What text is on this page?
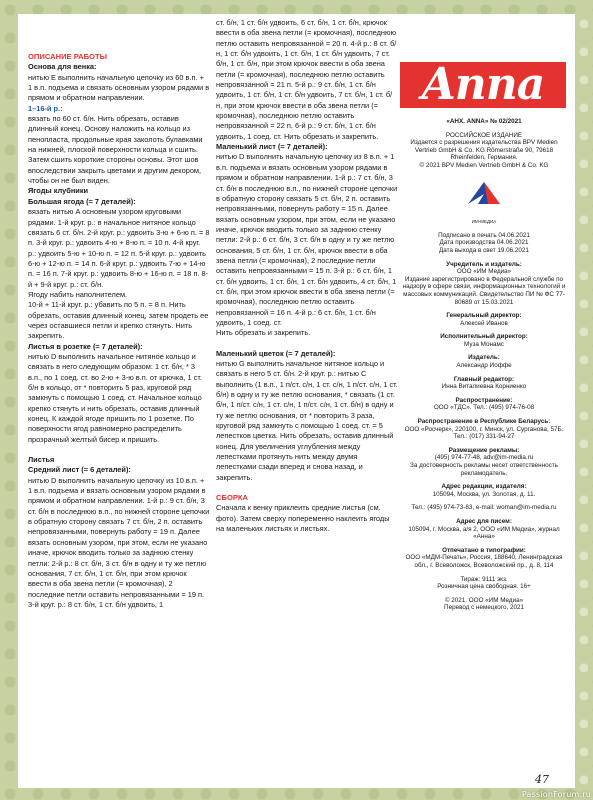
ОПИСАНИЕ РАБОТЫ

Основа для венка:

нитью E выполнить начальную цепочку из 60 в.п. + 1 в.п. подъема и связать основным узором рядами в прямом и обратном направлении.

1–16-й р.:

вязать по 60 ст. б/н. Нить обрезать, оставив длинный конец. Основу наложить на кольцо из пенопласта, продольные края заколоть булавками на нижней, плоской поверхности кольца и сшить. Затем сшить короткие стороны основы. Этот шов впоследствии закрыть цветами и другим декором, чтобы он не был виден.

Ягоды клубники

Большая ягода (= 7 деталей):

вязать нитью A основным узором круговыми рядами. 1-й круг. р.: в начальное нитяное кольцо связать 6 ст. б/н. 2-й круг. р.: удвоить 3-ю + 6-ю п. = 8 п. 3-й круг. р.: удвоить 4-ю + 8-ю п. = 10 п. 4-й круг. р.: удвоить 5-ю + 10-ю п. = 12 п. 5-й круг. р.: удвоить 6-ю + 12-ю п. = 14 п. 6-й круг. р.: удвоить 7-ю + 14-ю п. = 16 п. 7-й круг. р.: удвоить 8-ю + 16-ю п. = 18 п. 8-й + 9-й круг. р.: ст. б/н.

Ягоду набить наполнителем.

10-й + 11-й круг. р.: убавить по 5 п. = 8 п. Нить обрезать, оставив длинный конец, затем продеть ее через оставшиеся петли и крепко стянуть. Нить закрепить.

Листья в розетке (= 7 деталей):

нитью D выполнить начальное нитяное кольцо и связать в него следующим образом: 1 ст. б/н, * 3 в.п., по 1 соед. ст. во 2-ю + 3-ю в.п. от крючка, 1 ст. б/н в кольцо, от * повторить 5 раз, круговой ряд замкнуть с помощью 1 соед. ст. Начальное кольцо крепко стянуть и нить обрезать, оставив длинный конец. К каждой ягоде пришить по 1 розетке. По поверхности ягод равномерно распределить прозрачный желтый бисер и пришить.

Листья

Средний лист (= 6 деталей):

нитью D выполнить начальную цепочку из 10 в.п. + 1 в.п. подъема и вязать основным узором рядами в прямом и обратном направлении. 1-й р.: 9 ст. б/н, 3 ст. б/н в последнюю в.п., по нижней стороне цепочки в обратную сторону связать 7 ст. б/н, 2 п. оставить непровязанными, повернуть работу = 19 п. Далее вязать основным узором, при этом, если не указано иначе, крючок вводить только за заднюю стенку петли: 2-й р.: 8 ст. б/н, 3 ст. б/н в одну и ту же петлю основания, 7 ст. б/н, 1 ст. б/н, при этом крючок ввести в оба звена петли (= кромочная), 2 последние петли оставить непровязанными = 19 п. 3-й круг. р.: 8 ст. б/н, 1 ст. б/н удвоить, 1

ст. б/н, 1 ст. б/н удвоить, 6 ст. б/н, 1 ст. б/н, крючок ввести в оба звена петли (= кромочная), последнюю петлю оставить непровязанной = 20 п. 4-й р.: 8 ст. б/н, 1 ст. б/н удвоить, 1 ст. б/н, 1 ст. б/н удвоить, 7 ст. б/н, 1 ст. б/н, при этом крючок ввести в оба звена петли (= кромочная), последнюю петлю оставить непровязанной = 21 п. 5-й р.: 9 ст. б/н, 1 ст. б/н удвоить, 1 ст. б/н, 1 ст. б/н удвоить, 7 ст. б/н, 1 ст. б/н, при этом крючок ввести в оба звена петли (= кромочная), последнюю петлю оставить непровязанной = 22 п. 6-й р.: 9 ст. б/н, 1 ст. б/н удвоить, 1 соед. ст. Нить обрезать и закрепить.

Маленький лист (= 7 деталей):

нитью D выполнить начальную цепочку из 8 в.п. + 1 в.п. подъема и вязать основным узором рядами в прямом и обратном направлении. 1-й р.: 7 ст. б/н, 3 ст. б/н в последнюю в.п., по нижней стороне цепочки в обратную сторону связать 5 ст. б/н, 2 п. оставить непровязанными, повернуть работу = 15 п. Далее вязать основным узором, при этом, если не указано иначе, крючок вводить только за заднюю стенку петли: 2-й р.: 6 ст. б/н, 3 ст. б/н в одну и ту же петлю основания, 5 ст. б/н, 1 ст. б/н, крючок ввести в оба звена петли (= кромочная), 2 последние петли оставить непровязанными = 15 п. 3-й р.: 6 ст. б/н, 1 ст. б/н удвоить, 1 ст. б/н, 1 ст. б/н удвоить, 4 ст. б/н, 1 ст. б/н, при этом крючок ввести в оба звена петли (= кромочная), последнюю петлю оставить непровязанной = 16 п. 4-й р.: 6 ст. б/н, 1 ст. б/н удвоить, 1 соед. ст.

Нить обрезать и закрепить.

Маленький цветок (= 7 деталей):

нитью G выполнить начальное нитяное кольцо и связать в него 5 ст. б/н. 2-й круг. р.: нитью C выполнить (1 в.п., 1 п/ст. с/н, 1 ст. с/н, 1 п/ст. с/н, 1 ст. б/н) в одну и ту же петлю основания, * связать (1 ст. б/н, 1 п/ст. с/н, 1 ст. с/н, 1 п/ст. с/н, 1 ст. б/н) в одну и ту же петлю основания, от * повторить 3 раза, круговой ряд замкнуть с помощью 1 соед. ст. = 5 лепестков цветка. Нить обрезать, оставив длинный конец. Для увеличения углубления между лепестками протянуть нить между двумя лепестками сзади вперед и снова назад, и закрепить.

СБОРКА

Сначала к венку приклеить средние листья (см. фото). Затем сверху попеременно наклеить ягоды на маленьких листьях и листьях.

Anna

«АНХ. ANNA» № 02/2021

РОССИЙСКОЕ ИЗДАНИЕ

Издается с разрешения издательства BPV Medien Vertrieb GmbH & Co. KG Römerstraße 90, 79618 Rheinfelden, Германия.

© 2021 BPV Medien Vertrieb GmbH & Co. KG

ИМ-МЕДИА

Подписано в печать 04.06.2021

Дата производства 04.06.2021

Дата выхода в свет 19.06.2021

Учредитель и издатель:

ООО «ИМ Медиа»

Издание зарегистрировано в Федеральной службе по надзору в сфере связи, информационных технологий и массовых коммуникаций. Свидетельство ПИ № ФС 77-80689 от 15.03.2021

Генеральный директор:

Алексей Иванов

Исполнительный директор:

Муза Монамс

Издатель:

Александр Иоффе

Главный редактор:

Инна Виталиевна Корниенко

Распространение:

ООО «ТДС». Тел.: (495) 974-76-08

Распространение в Республике Беларусь:

ООО «Росчерк», 220100, г. Минск, ул. Сурганова, 57Б. Тел.: (017) 331-94-27

Размещение рекламы:

(495) 974-77-48, adv@im-media.ru

За достоверность рекламы несет ответственность рекламодатель.

Адрес редакции, издателя:

105094, Москва, ул. Золотая, д. 11.

Тел.: (495) 974-73-83, e-mail: woman@im-media.ru

Адрес для писем:

105094, г. Москва, а/я 2, ООО «ИМ Медиа», журнал «Анна»

Отпечатано в типографии:

ООО «МДМ-Печать», Россия, 188640, Ленинградская обл., г. Всеволожск, Всеволожский пр., д. 8, 114

Тираж: 9111 экз.

Розничная цена свободная. 16+

© 2021. ООО «ИМ Медиа»

Перевод с немецкого, 2021

47
PassionForum.ru
